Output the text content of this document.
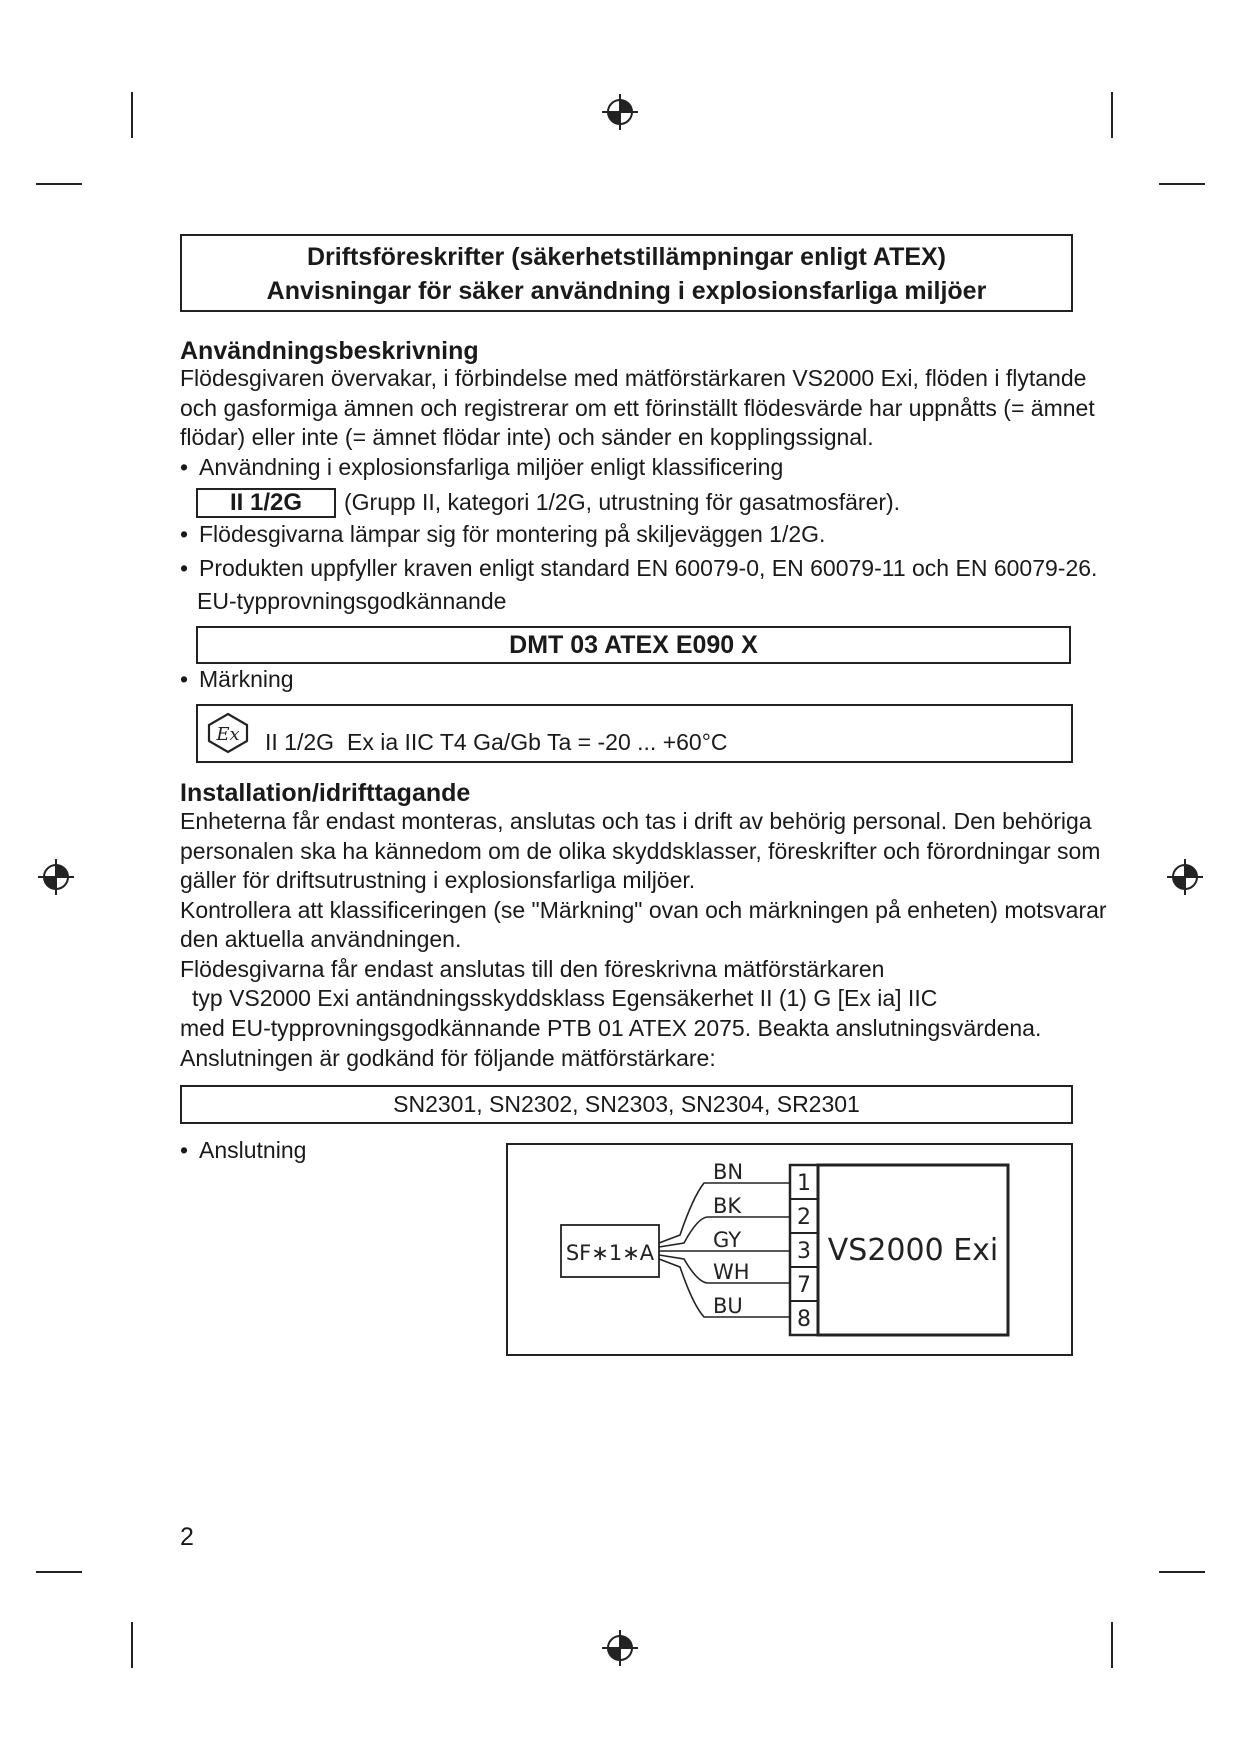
Driftsföreskrifter (säkerhetstillämpningar enligt ATEX)
Anvisningar för säker användning i explosionsfarliga miljöer
Användningsbeskrivning
Flödesgivaren övervakar, i förbindelse med mätförstärkaren VS2000 Exi, flöden i flytande
och gasformiga ämnen och registrerar om ett förinställt flödesvärde har uppnåtts (= ämnet
flödar) eller inte (= ämnet flödar inte) och sänder en kopplingssignal.
• Användning i explosionsfarliga miljöer enligt klassificering
II 1/2G	(Grupp II, kategori 1/2G, utrustning för gasatmosfärer).
• Flödesgivarna lämpar sig för montering på skiljeväggen 1/2G.
• Produkten uppfyller kraven enligt standard EN 60079-0, EN 60079-11 och EN 60079-26.
EU-typprovningsgodkännande
DMT 03 ATEX E090 X
• Märkning
Ex II 1/2G Ex ia IIC T4 Ga/Gb Ta = -20 ... +60°C
Installation/idrifttagande
Enheterna får endast monteras, anslutas och tas i drift av behörig personal. Den behöriga
personalen ska ha kännedom om de olika skyddsklasser, föreskrifter och förordningar som
gäller för driftsutrustning i explosionsfarliga miljöer.
Kontrollera att klassificeringen (se "Märkning" ovan och märkningen på enheten) motsvarar
den aktuella användningen.
Flödesgivarna får endast anslutas till den föreskrivna mätförstärkaren
typ VS2000 Exi antändningsskyddsklass Egensäkerhet II (1) G [Ex ia] IIC
med EU-typprovningsgodkännande PTB 01 ATEX 2075. Beakta anslutningsvärdena.
Anslutningen är godkänd för följande mätförstärkare:
SN2301, SN2302, SN2303, SN2304, SR2301
• Anslutning
SF∗1∗A
BN
BK
GY
WH
BU
1
2
3
7
8
VS2000 Exi
2
